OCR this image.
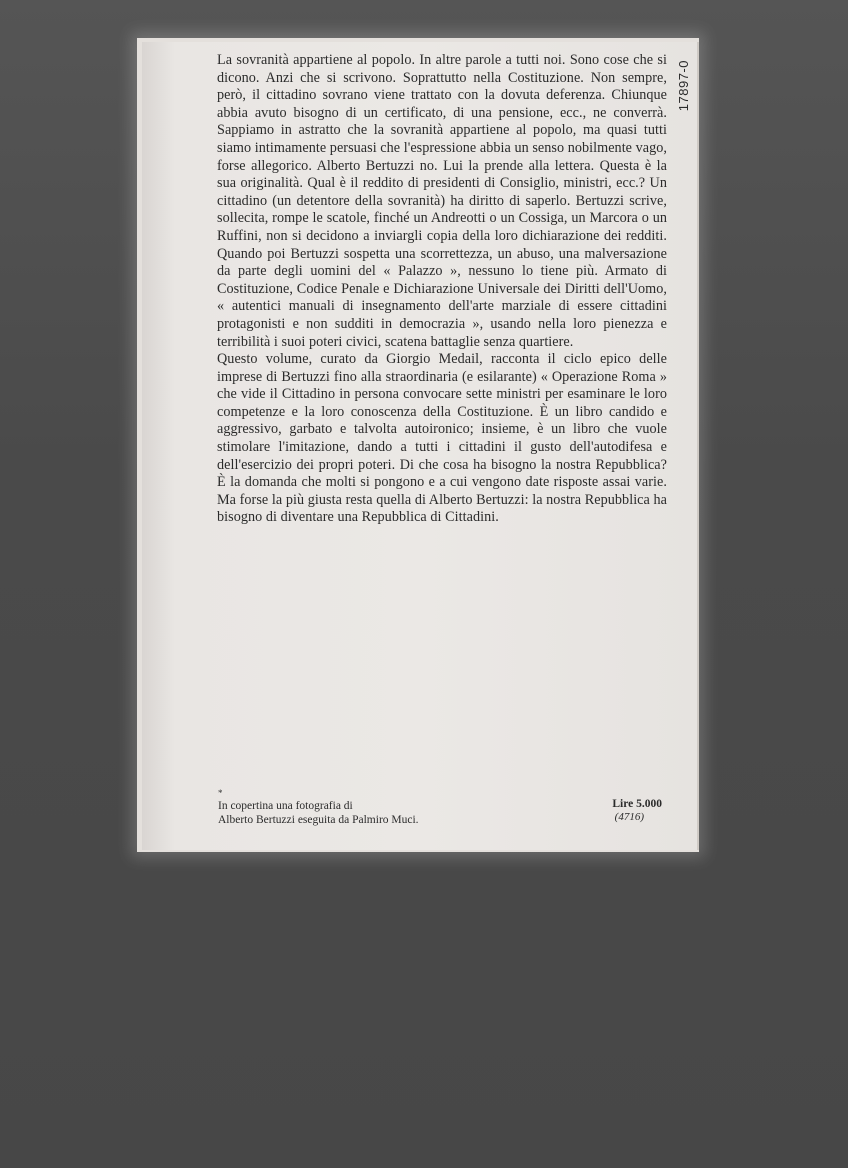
La sovranità appartiene al popolo. In altre parole a tutti noi. Sono cose che si dicono. Anzi che si scrivono. Soprattutto nella Costituzione. Non sempre, però, il cittadino sovrano viene trattato con la dovuta deferenza. Chiunque abbia avuto bisogno di un certificato, di una pensione, ecc., ne converrà. Sappiamo in astratto che la sovranità appartiene al popolo, ma quasi tutti siamo intimamente persuasi che l'espressione abbia un senso nobilmente vago, forse allegorico. Alberto Bertuzzi no. Lui la prende alla lettera. Questa è la sua originalità. Qual è il reddito di presidenti di Consiglio, ministri, ecc.? Un cittadino (un detentore della sovranità) ha diritto di saperlo. Bertuzzi scrive, sollecita, rompe le scatole, finché un Andreotti o un Cossiga, un Marcora o un Ruffini, non si decidono a inviargli copia della loro dichiarazione dei redditi. Quando poi Bertuzzi sospetta una scorrettezza, un abuso, una malversazione da parte degli uomini del « Palazzo », nessuno lo tiene più. Armato di Costituzione, Codice Penale e Dichiarazione Universale dei Diritti dell'Uomo, « autentici manuali di insegnamento dell'arte marziale di essere cittadini protagonisti e non sudditi in democrazia », usando nella loro pienezza e terribilità i suoi poteri civici, scatena battaglie senza quartiere.

Questo volume, curato da Giorgio Medail, racconta il ciclo epico delle imprese di Bertuzzi fino alla straordinaria (e esilarante) « Operazione Roma » che vide il Cittadino in persona convocare sette ministri per esaminare le loro competenze e la loro conoscenza della Costituzione. È un libro candido e aggressivo, garbato e talvolta autoironico; insieme, è un libro che vuole stimolare l'imitazione, dando a tutti i cittadini il gusto dell'autodifesa e dell'esercizio dei propri poteri. Di che cosa ha bisogno la nostra Repubblica? È la domanda che molti si pongono e a cui vengono date risposte assai varie. Ma forse la più giusta resta quella di Alberto Bertuzzi: la nostra Repubblica ha bisogno di diventare una Repubblica di Cittadini.

17897-0
*
In copertina una fotografia di
Alberto Bertuzzi eseguita da Palmiro Muci.
Lire 5.000
(4716)
